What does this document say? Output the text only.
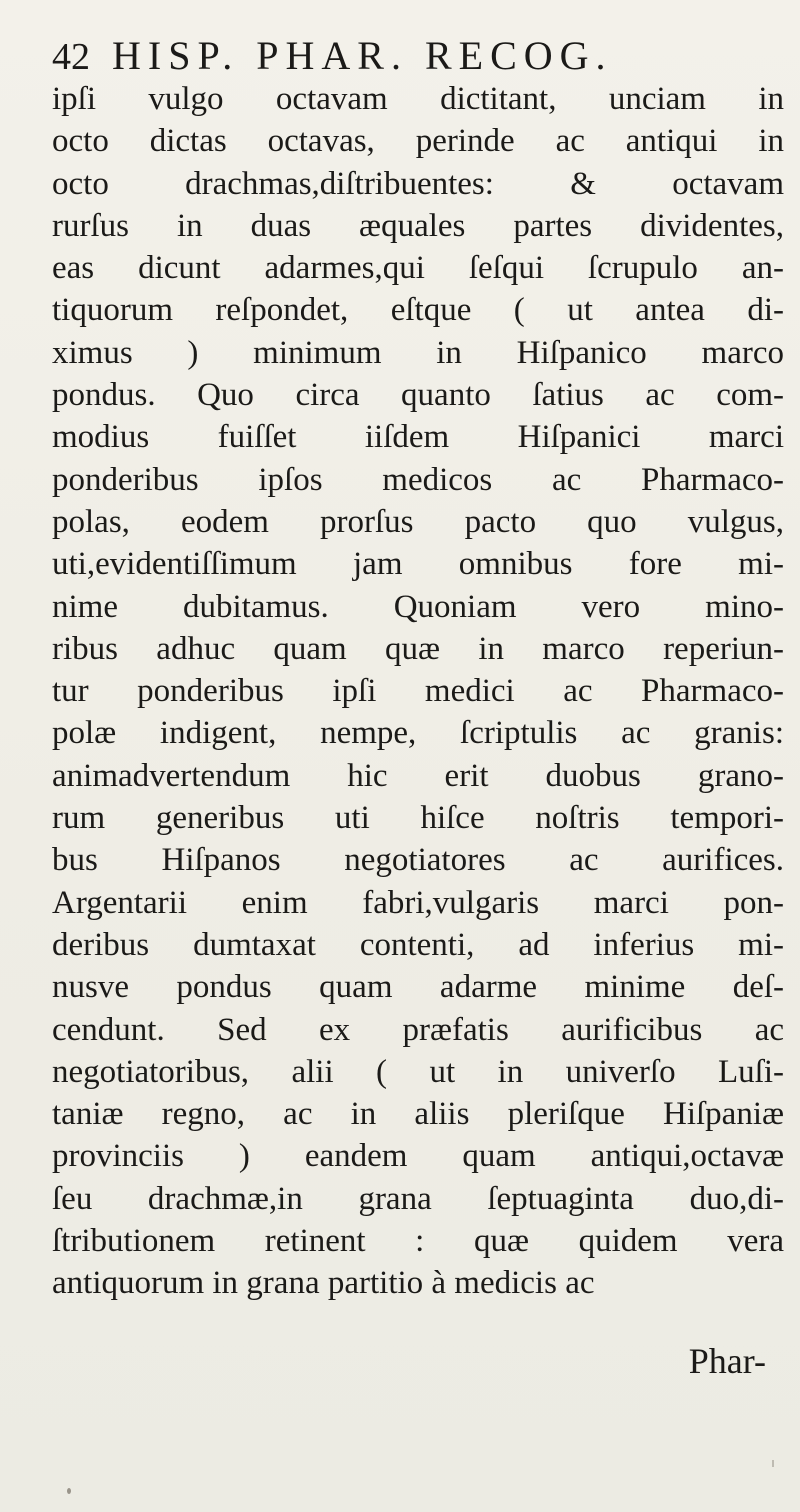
42 HISP. PHAR. RECOG.
ipſi vulgo octavam dictitant, unciam in
octo dictas octavas, perinde ac antiqui in
octo drachmas,diſtribuentes: & octavam
rurſus in duas æquales partes dividentes,
eas dicunt adarmes,qui ſeſqui ſcrupulo an-
tiquorum reſpondet, eſtque ( ut antea di-
ximus ) minimum in Hiſpanico marco
pondus. Quo circa quanto ſatius ac com-
modius fuiſſet iiſdem Hiſpanici marci
ponderibus ipſos medicos ac Pharmaco-
polas, eodem prorſus pacto quo vulgus,
uti,evidentiſſimum jam omnibus fore mi-
nime dubitamus. Quoniam vero mino-
ribus adhuc quam quæ in marco reperiun-
tur ponderibus ipſi medici ac Pharmaco-
polæ indigent, nempe, ſcriptulis ac granis:
animadvertendum hic erit duobus grano-
rum generibus uti hiſce noſtris tempori-
bus Hiſpanos negotiatores ac aurifices.
Argentarii enim fabri,vulgaris marci pon-
deribus dumtaxat contenti, ad inferius mi-
nusve pondus quam adarme minime deſ-
cendunt. Sed ex præfatis aurificibus ac
negotiatoribus, alii ( ut in univerſo Luſi-
taniæ regno, ac in aliis pleriſque Hiſpaniæ
provinciis ) eandem quam antiqui,octavæ
ſeu drachmæ,in grana ſeptuaginta duo,di-
ſtributionem retinent : quæ quidem vera
antiquorum in grana partitio à medicis ac
Phar-
